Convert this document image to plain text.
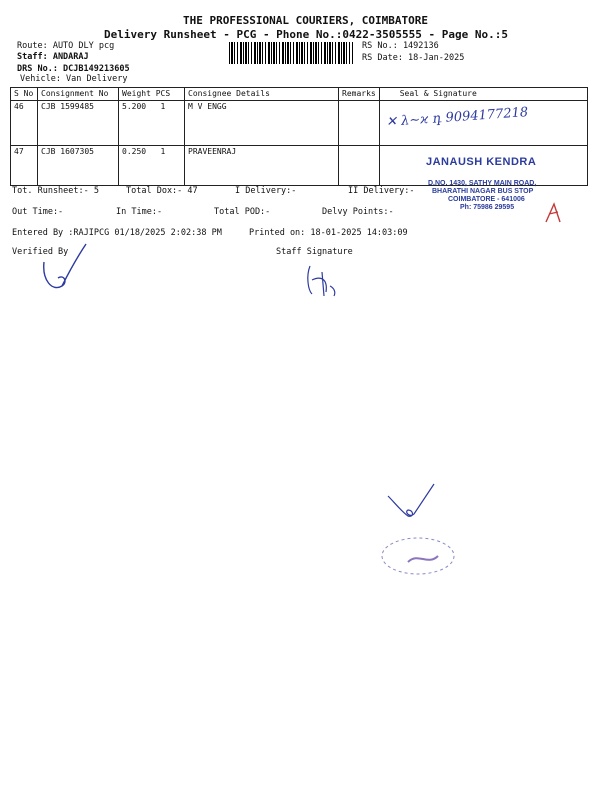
THE PROFESSIONAL COURIERS, COIMBATORE
Delivery Runsheet - PCG - Phone No.:0422-3505555 - Page No.:5
Route: AUTO DLY pcg
Staff: ANDARAJ
DRS No.: DCJB149213605
Vehicle: Van Delivery
RS No.: 1492136
RS Date: 18-Jan-2025
S No	Consignment No	Weight PCS	Consignee Details	Remarks	Seal & Signature
46	CJB 1599485	5.200 1	M V ENGG		
47	CJB 1607305	0.250 1	PRAVEENRAJ		
✕ λ∼ϰ դ 9094177218
JANAUSH KENDRA
D.NO. 1430, SATHY MAIN ROAD,
BHARATHI NAGAR BUS STOP
COIMBATORE - 641006
Ph: 75986 29595
Tot. Runsheet:- 5	Total Dox:- 47	I Delivery:-	II Delivery:-
Out Time:-	In Time:-	Total POD:-	Delvy Points:-
Entered By :RAJIPCG 01/18/2025 2:02:38 PM	Printed on: 18-01-2025 14:03:09
Verified By	Staff Signature
